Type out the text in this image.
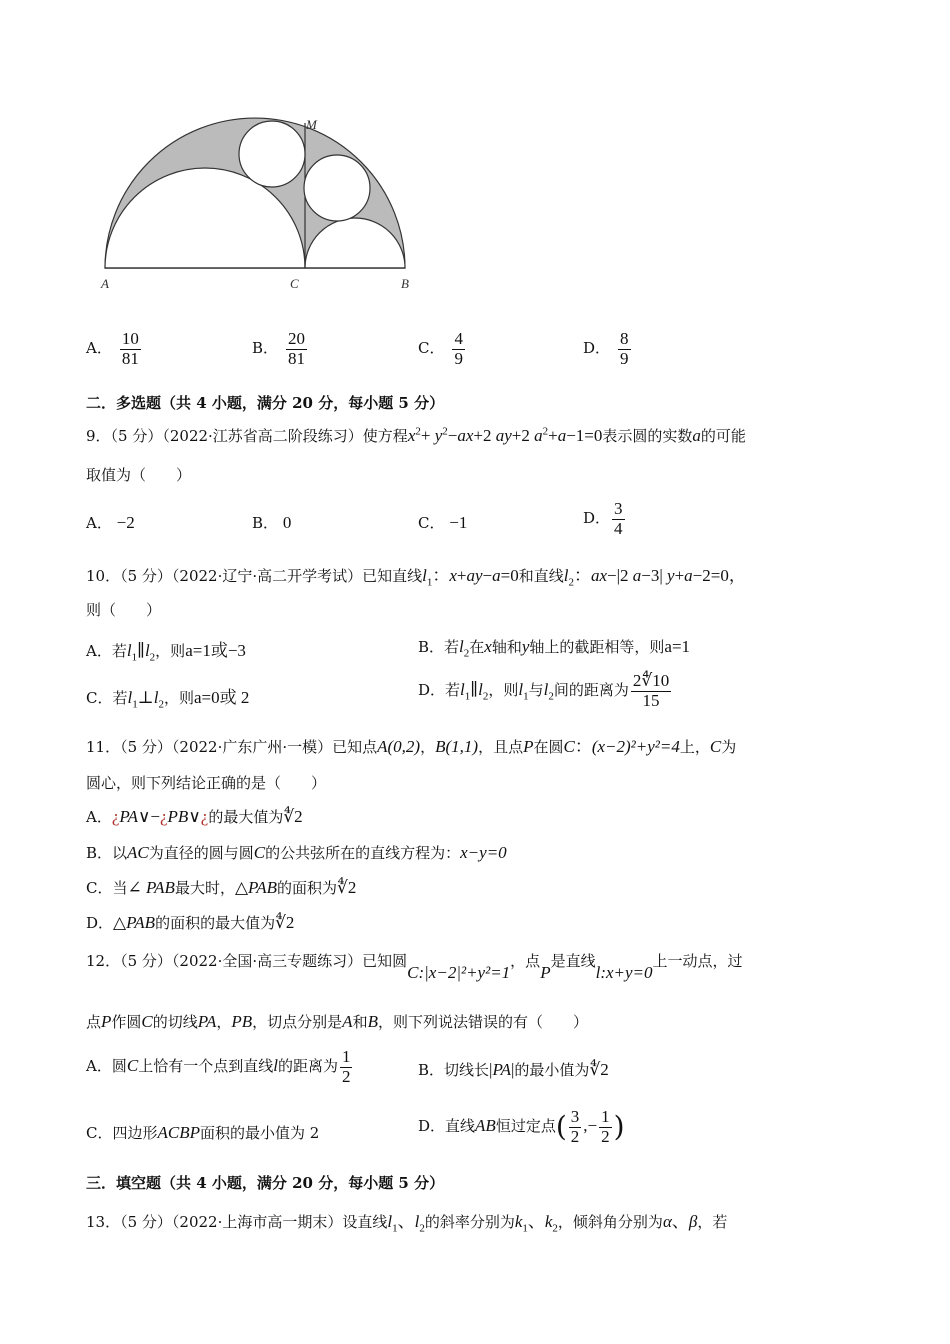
A	C	B
M
A． $\frac{10}{81}$	B． $\frac{20}{81}$	C． $\frac{4}{9}$	D． $\frac{8}{9}$
二．多选题（共 4 小题，满分 20 分，每小题 5 分）
9．（5 分）（2022·江苏省高二阶段练习）使方程$x^2+ y^2-ax+2$ ay+2 $a^2+a-1=0$表示圆的实数a的可能
取值为（　　）
A． −2	B． 0	C． −1	D． $\frac{3}{4}$
10．（5 分）（2022·辽宁·高二开学考试）已知直线$l_1$：x+ay−a=0和直线$l_2$：ax−|2 a−3| y+a−2=0，
则（　　）
A．若$l_1\parallel l_2$，则a=1或−3	B．若$l_2$在x轴和y轴上的截距相等，则a=1
C．若$l_1\perp l_2$，则a=0或 2	D．若$l_1\parallel l_2$，则$l_1$与$l_2$间的距离为 $\frac{2∜10}{15}$
11．（5 分）（2022·广东广州·一模）已知点A(0,2)，B(1,1)，且点P在圆C：(x−2)²+y²=4上，C为
圆心，则下列结论正确的是（　　）
A．¿PA∨−¿PB∨¿的最大值为∜2
B．以AC为直径的圆与圆C的公共弦所在的直线方程为：x−y=0
C．当∠ PAB最大时，△PAB的面积为∜2
D．△PAB的面积的最大值为∜2
12．（5 分）（2022·全国·高三专题练习）已知圆C:|x−2|²+y²=1，点P是直线l:x+y=0上一动点，过
点P作圆C的切线PA，PB，切点分别是A和B，则下列说法错误的有（　　）
A．圆C上恰有一个点到直线l的距离为 $\frac{1}{2}$	B．切线长|PA|的最小值为∜2
C．四边形ACBP面积的最小值为 2	D．直线AB恒过定点( $\frac{3}{2}$ ,− $\frac{1}{2}$ )
三．填空题（共 4 小题，满分 20 分，每小题 5 分）
13．（5 分）（2022·上海市高一期末）设直线$l_1$、$l_2$的斜率分别为$k_1$、$k_2$，倾斜角分别为α、β，若
